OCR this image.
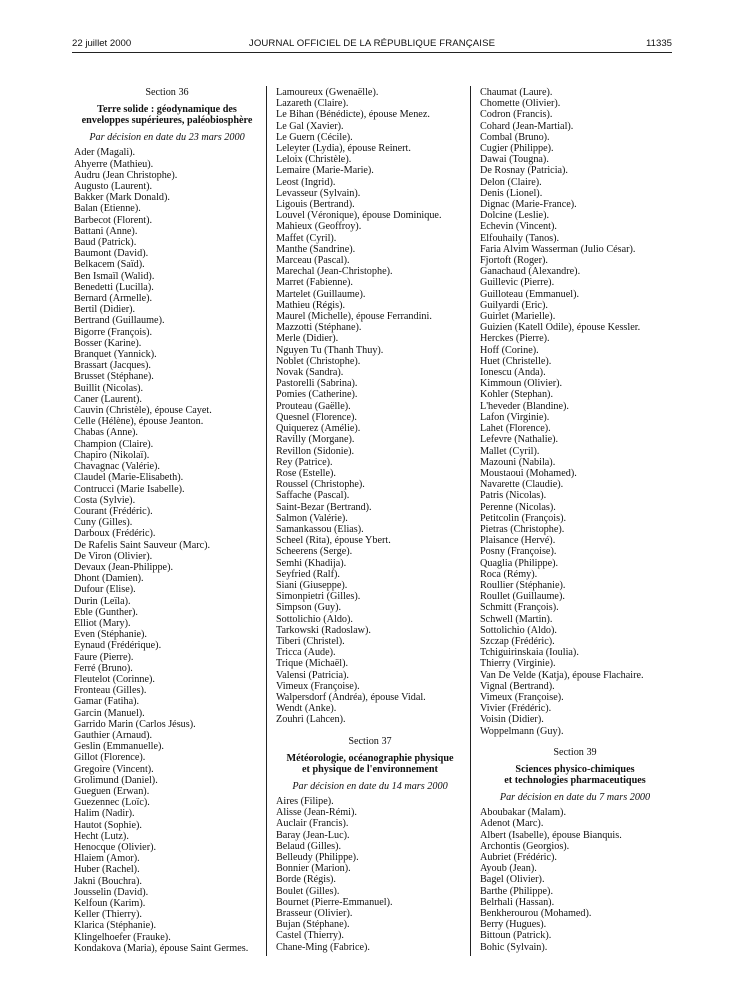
22 juillet 2000	JOURNAL OFFICIEL DE LA RÉPUBLIQUE FRANÇAISE	11335
Section 36
Terre solide : géodynamique des
enveloppes supérieures, paléobiosphère
Par décision en date du 23 mars 2000
Ader (Magali).
Ahyerre (Mathieu).
Audru (Jean Christophe).
Augusto (Laurent).
Bakker (Mark Donald).
Balan (Etienne).
Barbecot (Florent).
Battani (Anne).
Baud (Patrick).
Baumont (David).
Belkacem (Saïd).
Ben Ismaïl (Walid).
Benedetti (Lucilla).
Bernard (Armelle).
Bertil (Didier).
Bertrand (Guillaume).
Bigorre (François).
Bosser (Karine).
Branquet (Yannick).
Brassart (Jacques).
Brusset (Stéphane).
Buillit (Nicolas).
Caner (Laurent).
Cauvin (Christèle), épouse Cayet.
Celle (Hélène), épouse Jeanton.
Chabas (Anne).
Champion (Claire).
Chapiro (Nikolaï).
Chavagnac (Valérie).
Claudel (Marie-Elisabeth).
Contrucci (Marie Isabelle).
Costa (Sylvie).
Courant (Frédéric).
Cuny (Gilles).
Darboux (Frédéric).
De Rafelis Saint Sauveur (Marc).
De Viron (Olivier).
Devaux (Jean-Philippe).
Dhont (Damien).
Dufour (Elise).
Durin (Leïla).
Eble (Gunther).
Elliot (Mary).
Even (Stéphanie).
Eynaud (Frédérique).
Faure (Pierre).
Ferré (Bruno).
Fleutelot (Corinne).
Fronteau (Gilles).
Gamar (Fatiha).
Garcin (Manuel).
Garrido Marin (Carlos Jésus).
Gauthier (Arnaud).
Geslin (Emmanuelle).
Gillot (Florence).
Gregoire (Vincent).
Grolimund (Daniel).
Gueguen (Erwan).
Guezennec (Loïc).
Halim (Nadir).
Hautot (Sophie).
Hecht (Lutz).
Henocque (Olivier).
Hlaiem (Amor).
Huber (Rachel).
Jakni (Bouchra).
Jousselin (David).
Kelfoun (Karim).
Keller (Thierry).
Klarica (Stéphanie).
Klingelhoefer (Frauke).
Kondakova (Maria), épouse Saint Germes.
Lamoureux (Gwenaëlle).
Lazareth (Claire).
Le Bihan (Bénédicte), épouse Menez.
Le Gal (Xavier).
Le Guern (Cécile).
Leleyter (Lydia), épouse Reinert.
Leloix (Christèle).
Lemaire (Marie-Marie).
Leost (Ingrid).
Levasseur (Sylvain).
Ligouis (Bertrand).
Louvel (Véronique), épouse Dominique.
Mahieux (Geoffroy).
Maffet (Cyril).
Manthe (Sandrine).
Marceau (Pascal).
Marechal (Jean-Christophe).
Marret (Fabienne).
Martelet (Guillaume).
Mathieu (Régis).
Maurel (Michelle), épouse Ferrandini.
Mazzotti (Stéphane).
Merle (Didier).
Nguyen Tu (Thanh Thuy).
Noblet (Christophe).
Novak (Sandra).
Pastorelli (Sabrina).
Pomies (Catherine).
Prouteau (Gaëlle).
Quesnel (Florence).
Quiquerez (Amélie).
Ravilly (Morgane).
Revillon (Sidonie).
Rey (Patrice).
Rose (Estelle).
Roussel (Christophe).
Saffache (Pascal).
Saint-Bezar (Bertrand).
Salmon (Valérie).
Samankassou (Elias).
Scheel (Rita), épouse Ybert.
Scheerens (Serge).
Semhi (Khadija).
Seyfried (Ralf).
Siani (Giuseppe).
Simonpietri (Gilles).
Simpson (Guy).
Sottolichio (Aldo).
Tarkowski (Radoslaw).
Tiberi (Christel).
Tricca (Aude).
Trique (Michaël).
Valensi (Patricia).
Vimeux (Françoise).
Walpersdorf (Andréa), épouse Vidal.
Wendt (Anke).
Zouhri (Lahcen).
Section 37
Météorologie, océanographie physique
et physique de l'environnement
Par décision en date du 14 mars 2000
Aires (Filipe).
Alisse (Jean-Rémi).
Auclair (Francis).
Baray (Jean-Luc).
Belaud (Gilles).
Belleudy (Philippe).
Bonnier (Marion).
Borde (Régis).
Boulet (Gilles).
Bournet (Pierre-Emmanuel).
Brasseur (Olivier).
Bujan (Stéphane).
Castel (Thierry).
Chane-Ming (Fabrice).
Chaumat (Laure).
Chomette (Olivier).
Codron (Francis).
Cohard (Jean-Martial).
Combal (Bruno).
Cugier (Philippe).
Dawai (Tougna).
De Rosnay (Patricia).
Delon (Claire).
Denis (Lionel).
Dignac (Marie-France).
Dolcine (Leslie).
Echevin (Vincent).
Elfouhaily (Tanos).
Faria Alvim Wasserman (Julio César).
Fjortoft (Roger).
Ganachaud (Alexandre).
Guillevic (Pierre).
Guilloteau (Emmanuel).
Guilyardi (Eric).
Guirlet (Marielle).
Guizien (Katell Odile), épouse Kessler.
Herckes (Pierre).
Hoff (Corine).
Huet (Christelle).
Ionescu (Anda).
Kimmoun (Olivier).
Kohler (Stephan).
L'heveder (Blandine).
Lafon (Virginie).
Lahet (Florence).
Lefevre (Nathalie).
Mallet (Cyril).
Mazouni (Nabila).
Moustaoui (Mohamed).
Navarette (Claudie).
Patris (Nicolas).
Perenne (Nicolas).
Petitcolin (François).
Pietras (Christophe).
Plaisance (Hervé).
Posny (Françoise).
Quaglia (Philippe).
Roca (Rémy).
Roullier (Stéphanie).
Roullet (Guillaume).
Schmitt (François).
Schwell (Martin).
Sottolichio (Aldo).
Szczap (Frédéric).
Tchiguirinskaia (Ioulia).
Thierry (Virginie).
Van De Velde (Katja), épouse Flachaire.
Vignal (Bertrand).
Vimeux (Françoise).
Vivier (Frédéric).
Voisin (Didier).
Woppelmann (Guy).
Section 39
Sciences physico-chimiques
et technologies pharmaceutiques
Par décision en date du 7 mars 2000
Aboubakar (Malam).
Adenot (Marc).
Albert (Isabelle), épouse Bianquis.
Archontis (Georgios).
Aubriet (Frédéric).
Ayoub (Jean).
Bagel (Olivier).
Barthe (Philippe).
Belrhali (Hassan).
Benkherourou (Mohamed).
Berry (Hugues).
Bittoun (Patrick).
Bohic (Sylvain).
